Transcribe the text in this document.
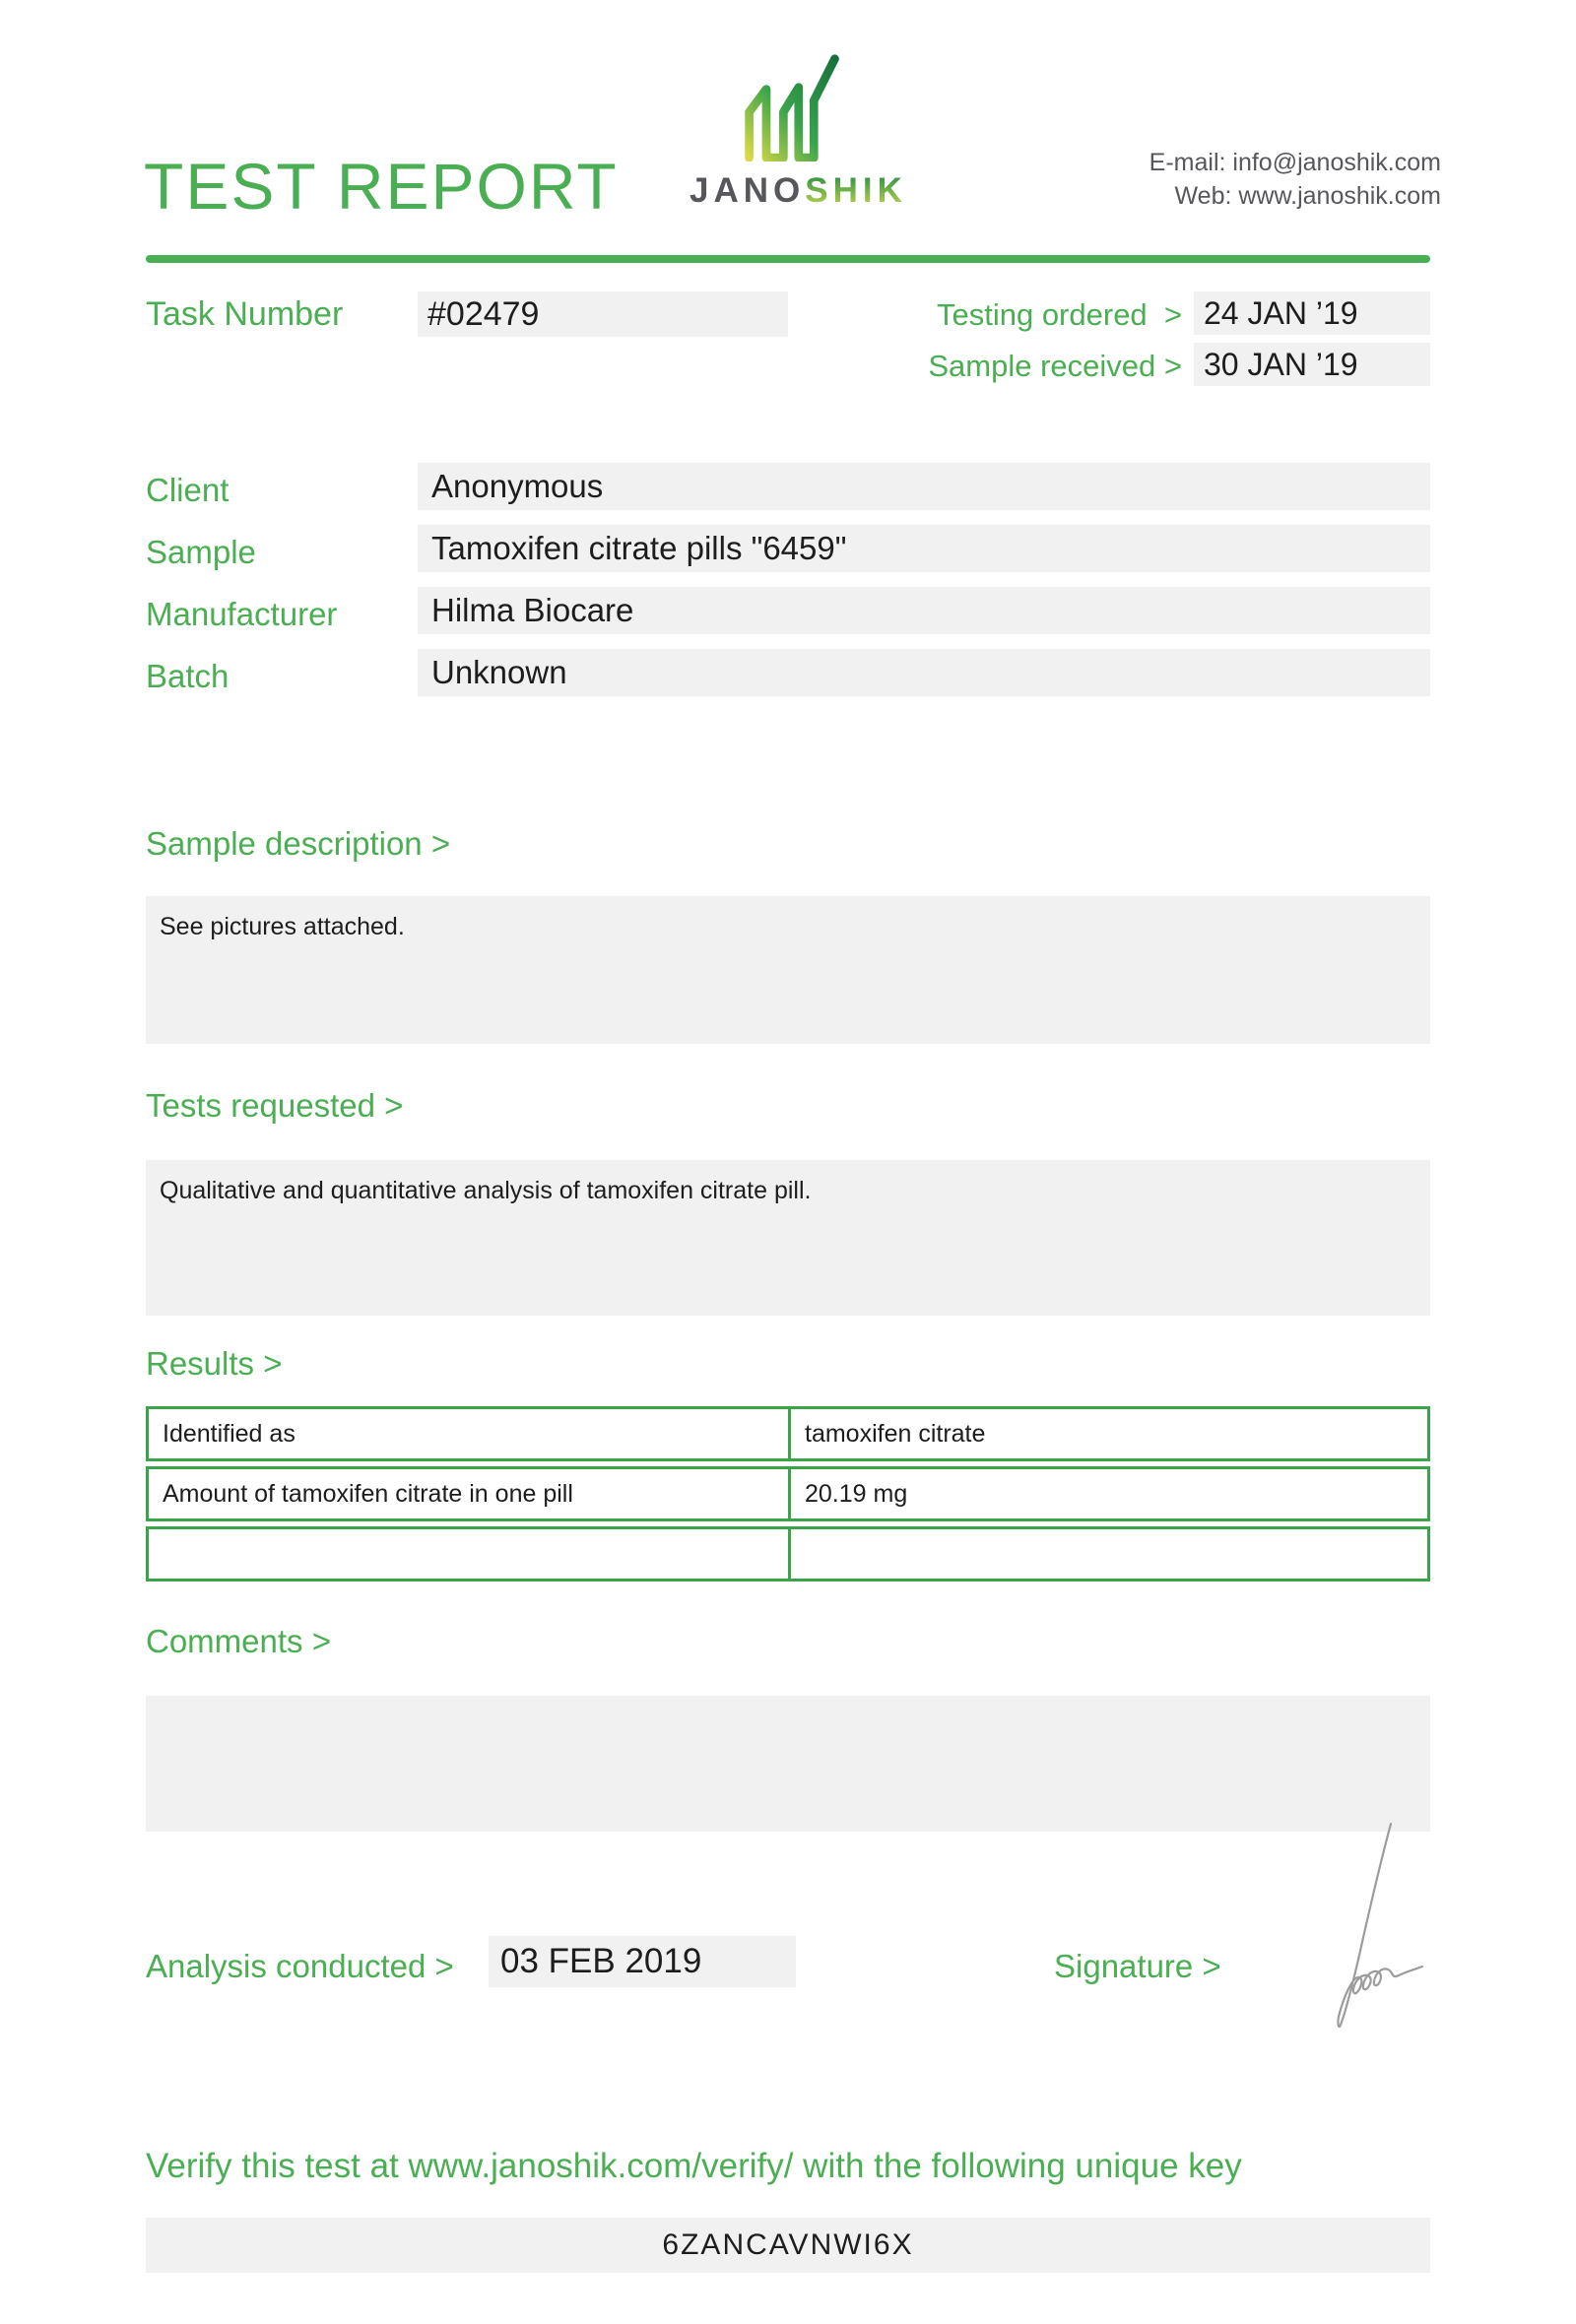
TEST REPORT JANOSHIK
E-mail: info@janoshik.com
Web: www.janoshik.com
Task Number	#02479	Testing ordered  > 24 JAN ’19
Sample received > 30 JAN ’19
Client	Anonymous
Sample	Tamoxifen citrate pills "6459"
Manufacturer	Hilma Biocare
Batch	Unknown
Sample description >
See pictures attached.
Tests requested >
Qualitative and quantitative analysis of tamoxifen citrate pill.
Results >
Identified as	tamoxifen citrate
Amount of tamoxifen citrate in one pill	20.19 mg
Comments >
Analysis conducted >	03 FEB 2019	Signature >
Verify this test at www.janoshik.com/verify/ with the following unique key
6ZANCAVNWI6X
